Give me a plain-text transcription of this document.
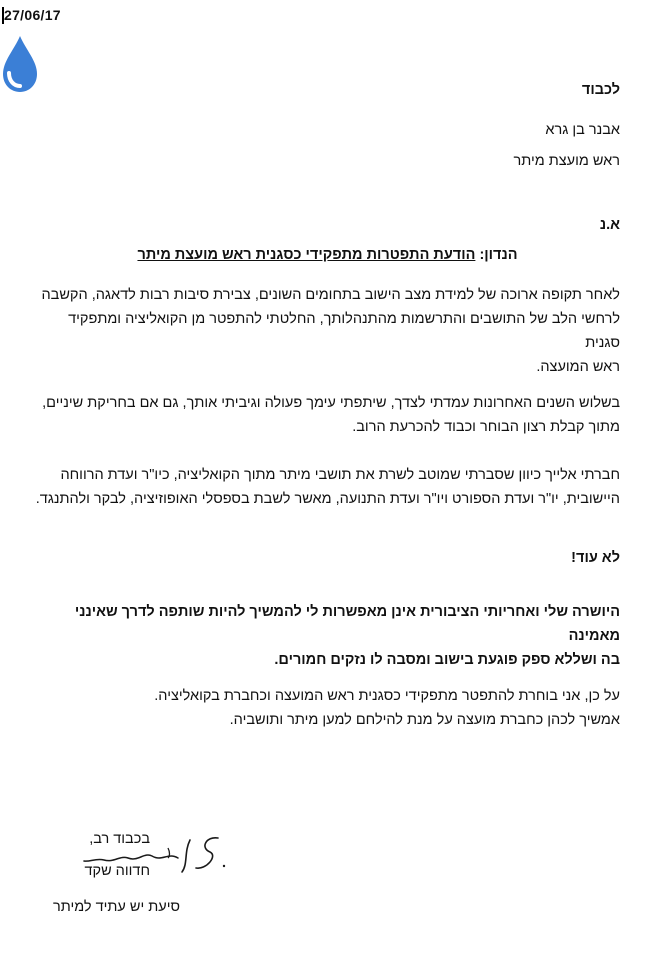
27/06/17
לכבוד
אבנר בן גרא
ראש מועצת מיתר
א.נ
הנדון: הודעת התפטרות מתפקידי כסגנית ראש מועצת מיתר
לאחר תקופה ארוכה של למידת מצב הישוב בתחומים השונים, צבירת סיבות רבות לדאגה, הקשבה
לרחשי הלב של התושבים והתרשמות מהתנהלותך, החלטתי להתפטר מן הקואליציה ומתפקיד סגנית
ראש המועצה.
בשלוש השנים האחרונות עמדתי לצדך, שיתפתי עימך פעולה וגיביתי אותך, גם אם בחריקת שיניים,
מתוך קבלת רצון הבוחר וכבוד להכרעת הרוב.
חברתי אלייך כיוון שסברתי שמוטב לשרת את תושבי מיתר מתוך הקואליציה, כיו"ר ועדת הרווחה
היישובית, יו"ר ועדת הספורט ויו"ר ועדת התנועה, מאשר לשבת בספסלי האופוזיציה, לבקר ולהתנגד.
לא עוד!
היושרה שלי ואחריותי הציבורית אינן מאפשרות לי להמשיך להיות שותפה לדרך שאינני מאמינה
בה ושללא ספק פוגעת בישוב ומסבה לו נזקים חמורים.
על כן, אני בוחרת להתפטר מתפקידי כסגנית ראש המועצה וכחברת בקואליציה.
אמשיך לכהן כחברת מועצה על מנת להילחם למען מיתר ותושביה.
בכבוד רב,
חדווה שקד
סיעת יש עתיד למיתר
